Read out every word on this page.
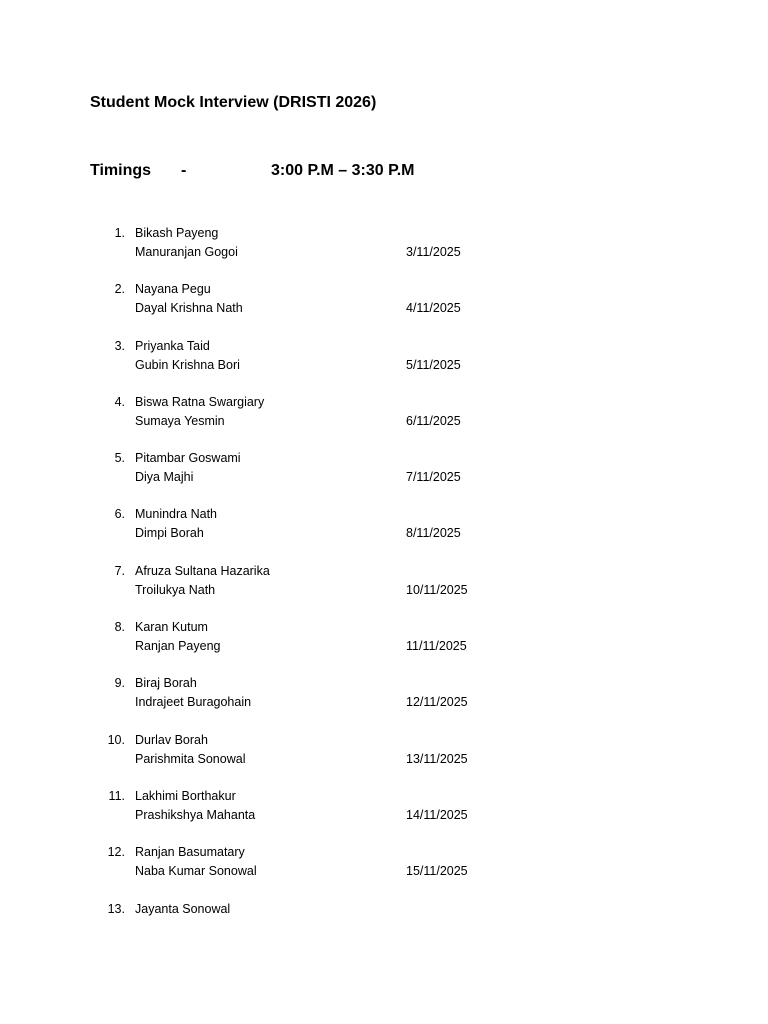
Student Mock Interview (DRISTI 2026)
Timings -	3:00 P.M – 3:30 P.M
1. Bikash Payeng
Manuranjan Gogoi	3/11/2025
2. Nayana Pegu
Dayal Krishna Nath	4/11/2025
3. Priyanka Taid
Gubin Krishna Bori	5/11/2025
4. Biswa Ratna Swargiary
Sumaya Yesmin	6/11/2025
5. Pitambar Goswami
Diya Majhi	7/11/2025
6. Munindra Nath
Dimpi Borah	8/11/2025
7. Afruza Sultana Hazarika
Troilukya Nath	10/11/2025
8. Karan Kutum
Ranjan Payeng	11/11/2025
9. Biraj Borah
Indrajeet Buragohain	12/11/2025
10. Durlav Borah
Parishmita Sonowal	13/11/2025
11. Lakhimi Borthakur
Prashikshya Mahanta	14/11/2025
12. Ranjan Basumatary
Naba Kumar Sonowal	15/11/2025
13. Jayanta Sonowal
